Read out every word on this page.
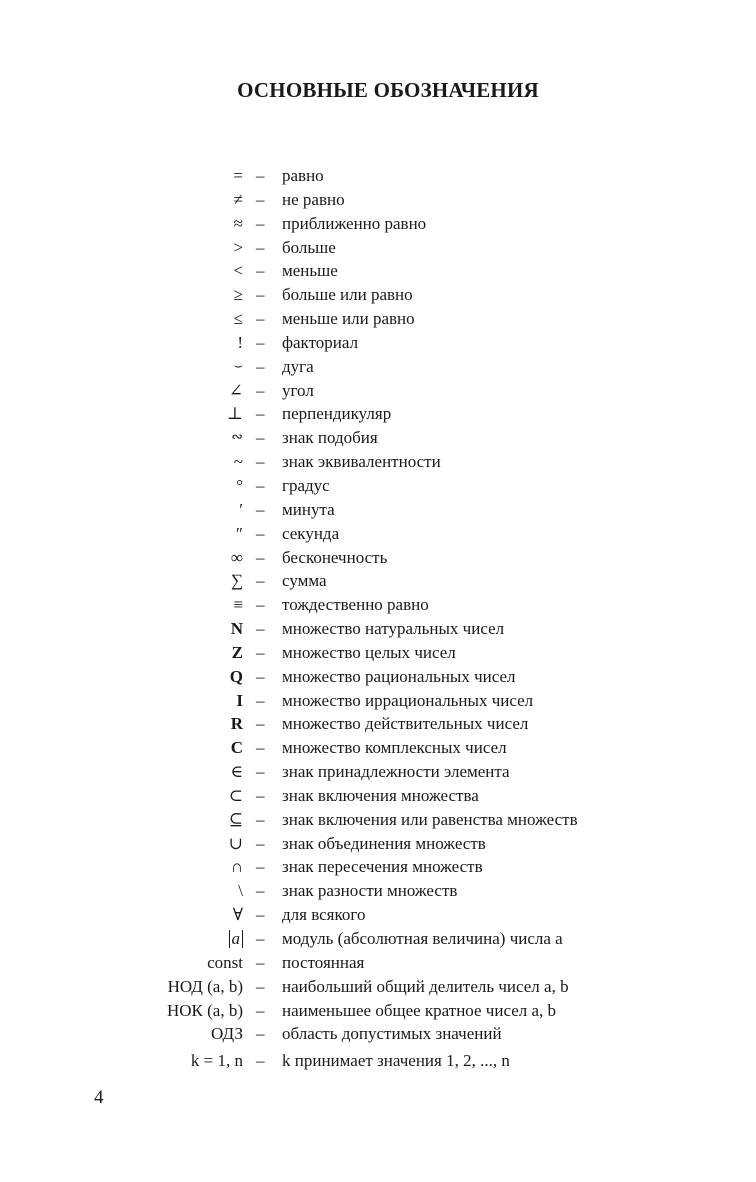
ОСНОВНЫЕ ОБОЗНАЧЕНИЯ
= – равно
≠ – не равно
≈ – приближенно равно
> – больше
< – меньше
≥ – больше или равно
≤ – меньше или равно
! – факториал
⌣ – дуга
∠ – угол
⊥ – перпендикуляр
∾ – знак подобия
~ – знак эквивалентности
° – градус
′ – минута
″ – секунда
∞ – бесконечность
∑ – сумма
≡ – тождественно равно
N – множество натуральных чисел
Z – множество целых чисел
Q – множество рациональных чисел
I – множество иррациональных чисел
R – множество действительных чисел
C – множество комплексных чисел
∈ – знак принадлежности элемента
⊂ – знак включения множества
⊆ – знак включения или равенства множеств
∪ – знак объединения множеств
∩ – знак пересечения множеств
\ – знак разности множеств
∀ – для всякого
a – модуль (абсолютная величина) числа a
const – постоянная
НОД (a, b) – наибольший общий делитель чисел a, b
НОК (a, b) – наименьшее общее кратное чисел a, b
ОДЗ – область допустимых значений
k = 1, n – k принимает значения 1, 2, ..., n
4
